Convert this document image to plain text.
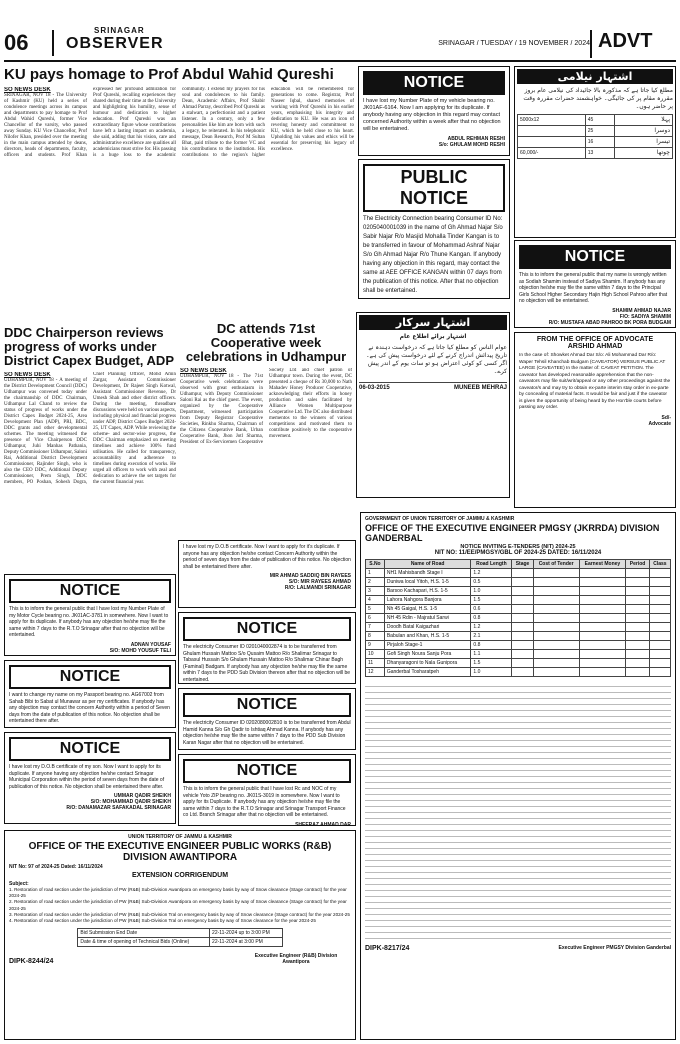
06	SRINAGAR
OBSERVER	SRINAGAR / TUESDAY / 19 NOVEMBER / 2024 ADVT
KU pays homage to Prof Abdul Wahid Qureshi
SO NEWS DESK
SRINAGAR, NOV 18 - The University of Kashmir (KU) held a series of condolence meetings across its campus and departments to pay homage to Prof Abdul Wahid Qureshi, former Vice Chancellor of the varsity, who passed away Sunday. KU Vice Chancellor, Prof Nilofer Khan, presided over the meeting in the main campus attended by deans, directors, heads of departments, faculty, officers and students. Prof Khan expressed her profound admiration for Prof Qureshi, recalling experiences they shared during their time at the University and highlighting his humility, sense of humour and dedication to higher education. Prof Qureshi was an extraordinary figure whose contributions have left a lasting impact on academia, she said, adding that his vision, care and administrative excellence are qualities all academicians must strive for. His passing is a huge loss to the academic community. I extend my prayers for his soul and condolences to his family. Dean, Academic Affairs, Prof Shabir Ahmad Parray, described Prof Qureshi as a stalwart, a perfectionist and a patient listener. In a century, only a few personalities like him are born with such a legacy, he reiterated. In his telephonic message, Dean Research, Prof M Sultan Bhat, paid tribute to the former VC and his contributions to the institution. His contributions to the region's higher education will be remembered for generations to come. Registrar, Prof Naseer Iqbal, shared memories of working with Prof Qureshi in his earlier years, emphasising his integrity and dedication to KU. He was an icon of revering honesty and commitment to KU, which he held close to his heart. Upholding his values and ethics will be essential for preserving his legacy of excellence.
NOTICE
I have lost my Number Plate of my vehicle bearing no. JK01AF-6164. Now I am applying for its duplicate. If anybody having any objection in this regard may contact concerned Authority within a week after that no objection will be entertained.
ABDUL REHMAN RESHI
S/o: GHULAM MOHD RESHI
PUBLIC NOTICE
The Electricity Connection bearing Consumer ID No: 0205040001039 in the name of Gh Ahmad Najar S/o Sabir Najar R/o Masjid Mohalla Tinder Kangan is to be transferred in favour of Mohammad Ashraf Najar S/o Gh Ahmad Najar R/o Thune Kangan. If anybody having any objection in this regard, may contact the same at AEE OFFICE KANGAN within 07 days from the publication of this notice. After that no objection shall be entertained.
اشتہار نیلامی
مطلع کیا جاتا ہے کہ مذکورہ بالا جائیداد کی نیلامی عام بروز مقررہ مقام پر کی جائیگی۔ خواہشمند حضرات مقررہ وقت پر حاضر ہوں۔
5000x12	45	پہلا
	25	دوسرا
	16	تیسرا
60,000/-	13	چوتھا
NOTICE
This is to inform the general public that my name is wrongly written as Sodiah Shamim instead of Sadiya Shamim. If anybody has any objection he/she may file the same within 7 days to the Principal Girls School Higher Secondary Hajin High School Pahroo after that no objection will be entertained.
SHAMIM AHMAD NAJAR
F/O: SADIYA SHAMIM
R/O: MUSTAFA ABAD PAHROO BK PORA BUDGAM
DDC Chairperson reviews progress of works under District Capex Budget, ADP
SO NEWS DESK
UDHAMPUR, NOV 18 - A meeting of the District Development Council (DDC) Udhampur was convened today under the chairmanship of DDC Chairman, Udhampur Lal Chand to review the status of progress of works under the District Capex Budget 2024-25, Area Development Plan (ADP), PRI, BDC, DDC grants and other developmental schemes. The meeting witnessed the presence of Vice Chairperson DDC Udhampur, Juhi Manhas Pathania, Deputy Commissioner Udhampur, Saloni Rai, Additional District Development Commissioner, Rajinder Singh, who is also the CEO DDC, Additional Deputy Commissioner, Prem Singh, DDC members, PO Poshan, Sohesh Dogra, Chief Planning Officer, Mohd Amin Zargar, Assistant Commissioner Development, Dr Rajeet Singh Kotwal, Assistant Commissioner Revenue, Dr Umesh Shah and other district officers. During the meeting, threadbare discussions were held on various aspects, including physical and financial progress under ADP, District Capex Budget 2024-25, UT Capex, ADP. While reviewing the scheme- and sector-wise progress, the DDC Chairman emphasized on meeting timelines and achieve 100% fund utilisation. He called for transparency, accountability and adherence to timelines during execution of works. He urged all officers to work with zeal and dedication to achieve the set targets for the current financial year.
DC attends 71st Cooperative week celebrations in Udhampur
SO NEWS DESK
UDHAMPUR, NOV 18 - The 71st Cooperative week celebrations were observed with great enthusiasm in Udhampur, with Deputy Commissioner Saloni Rai as the chief guest. The event, organized by the Cooperative Department, witnessed participation from Deputy Registrar Cooperative Societies, Rinkhu Sharma, Chairman of the Citizens Cooperative Bank, Urban Cooperative Bank, Jhon Jotl Sharma, President of Ex-Servicemen Cooperative Society Ltd and chief patron of Udhampur town. During the event, DC presented a cheque of Rs 30,000 to Nath Mahadev Honey Producer Cooperative, acknowledging their efforts in honey production and sales facilitated by Alliance Women Multipurpose Cooperative Ltd. The DC also distributed mementos to the winners of various competitions and motivated them to contribute positively to the cooperative movement.
اشتہار سرکار
اشتہار برائے اطلاع عام
عوام الناس کو مطلع کیا جاتا ہے کہ درخواست دہندہ نے تاریخ پیدائش اندراج کرنے کے لئے درخواست پیش کی ہے۔ اگر کسی کو کوئی اعتراض ہو تو سات یوم کے اندر پیش کرے۔
06-03-2015	MUNEEB MEHRAJ
FROM THE OFFICE OF ADVOCATE
ARSHID AHMAD
In the case of: Showket Ahmad Dar S/o: Ali Mohammad Dar R/o: Waper Tehsil Khanchab Budgam (CAVEATOR) VERSUS PUBLIC AT LARGE (CAVEATEE) In the matter of: CAVEAT PETITION. The caveator has developed reasonable apprehension that the non-caveators may file suit/writ/appeal or any other proceedings against the caveator/s and may try to obtain ex-parte interim stay order in ex-parte by concealing of material facts. It would be fair and just if the caveator is given the opportunity of being heard by the Hon'ble courts before passing any order.
Sd/-
Advocate
I have lost my D.O.B certificate. Now I want to apply for it's duplicate. If anyone has any objection he/she contact Concern Authority within the period of seven days from the date of publication of this notice. No objection shall be entertained there after.
MIR AHMAD SADDIQ BIN RAYEES
S/O: MIR RAYEES AHMAD
R/O: LALMANDI SRINAGAR
NOTICE
This is to inform the general public that I have lost my Number Plate of my Motor Cycle bearing no. JK01AC-3781 in somewhere. Now I want to apply for its duplicate. If anybody has any objection he/she may file the same within 7 days to the R.T.O Srinagar after that no objection will be entertained.
ADNAN YOUSAF
S/O: MOHD YOUSUF TELI
NOTICE
I want to change my name on my Passport bearing no. AG67002 from Sahab Bibi to Sabat ul Munawar as per my certificates. If anybody has any objection may contact the concern Authority within a period of Seven days from the date of publication of this notice. No objection shall be entertained there after.
NOTICE
I have lost my D.O.B certificate of my son. Now I want to apply for its duplicate. If anyone having any objection he/she contact Srinagar Municipal Corporation within the period of seven days from the date of publication of this notice. No objection shall be entertained there after.
UMMAR QADIR SHEIKH
S/O: MOHAMMAD QADIR SHEIKH
R/O: DANAMAZAR SAFAKADAL SRINAGAR
NOTICE
The electricity Consumer ID 0201040002874 is to be transferred from Ghulam Hussain Mattoo S/o Qusaim Mattoo R/o Shalimar Srinagar to Tabasul Hussain S/o Ghulam Hussain Mattoo R/o Shalimar Chinar Bagh (Faminal) Badgam. If anybody has any objection he/she may file the same within 7 days to the PDD Sub Division thereon after that no objection will be entertained.
NOTICE
The electricity Consumer ID 0202080002810 is to be transferred from Abdul Hamid Kanna S/o Gh Qadir to Ishtiaq Ahmad Kanna. If anybody has any objection he/she may file the same within 7 days to the PDD Sub Division Karan Nagar after that no objection will be entertained.
NOTICE
This is to inform the general public that I have lost Rc and NOC of my vehicle Yoto ZIP bearing no. JK01S-3019 in somewhere. Now I want to apply for its Duplicate. If anybody has any objection he/she may file the same within 7 days to the R.T.O Srinagar and Srinagar Transport Finance co Ltd. Branch Srinagar after that no objection will be entertained.
SHEERAZ AHMAD DAR
GOVERNMENT OF UNION TERRITORY OF JAMMU & KASHMIR
OFFICE OF THE EXECUTIVE ENGINEER PMGSY (JKRRDA) DIVISION GANDERBAL
NOTICE INVITING E-TENDERS (NIT) 2024-25
NIT NO: 11/EE/PMGSY/GBL OF 2024-25 DATED: 16/11/2024
S.No	Name of Road	Road Length	Stage	Cost of Tender	Earnest Money	Period	Class
1	NH1 Mahisbandh Stage I	1.2					
2	Duniwa local Yitoh, H.S. 1-5	0.5					
3	Barsoo Kachapari, H.S. 1-5	1.0					
4	Lahora Nahgora Banjora	1.5					
5	Nh 45 Gaigal, H.S. 1-5	0.6					
6	NH 45 Rdin - Majratul Sarwi	0.8					
7	Doodh Batal Kaigazhari	1.2					
8	Babulan and Khan, H.S. 1-5	2.1					
9	Pirjaloh Stage-1	0.8					
10	Gofi Singh Noura Sanju Pora	1.1					
11	Dhanyaragoni to Nala Gunipora	1.5					
12	Ganderbal Tosharatpeh	1.0					
DIPK-8217/24	Executive Engineer PMGSY Division Ganderbal
UNION TERRITORY OF JAMMU & KASHMIR
OFFICE OF THE EXECUTIVE ENGINEER PUBLIC WORKS (R&B) DIVISION AWANTIPORA
NIT No: 97 of 2024-25 Dated: 16/11/2024
EXTENSION CORRIGENDUM
Subject:
1. Restoration of road section under the jurisdiction of PW (R&B) Sub-Division Awantipora on emergency basis by way of Snow clearance (Stage contract) for the year 2024-25
2. Restoration of road section under the jurisdiction of PW (R&B) Sub-Division Awantipora on emergency basis by way of Snow clearance (Stage contract) for the year 2024-25
3. Restoration of road section under the jurisdiction of PW (R&B) Sub-Division Tral on emergency basis by way of Snow clearance (Stage contract) for the year 2024-25
4. Restoration of road section under the jurisdiction of PW (R&B) Sub-Division Tral on emergency basis by way of Snow clearance for the year 2024-25
Bid Submission End Date	22-11-2024 up to 3:00 PM
Date & time of opening of Technical Bids (Online)	22-11-2024 at 3:00 PM
DIPK-8244/24
Executive Engineer (R&B) Division Awantipora
